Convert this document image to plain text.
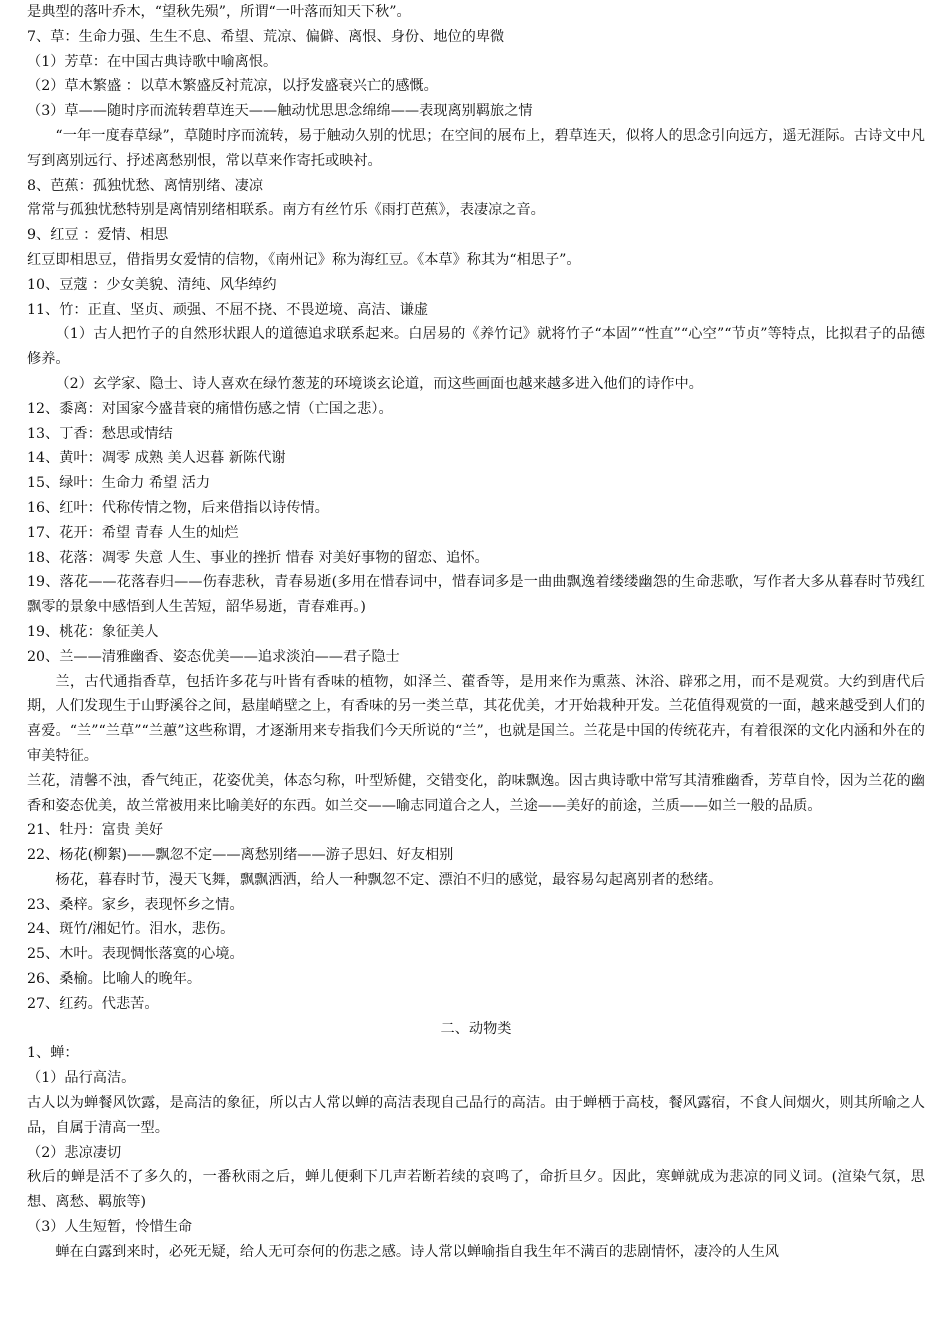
是典型的落叶乔木，“望秋先殒”，所谓“一叶落而知天下秋”。

7、草：生命力强、生生不息、希望、荒凉、偏僻、离恨、身份、地位的卑微

（1）芳草：在中国古典诗歌中喻离恨。

（2）草木繁盛 ：以草木繁盛反衬荒凉，以抒发盛衰兴亡的感慨。

（3）草——随时序而流转碧草连天——触动忧思思念绵绵——表现离别羁旅之情

“一年一度春草绿”，草随时序而流转，易于触动久别的忧思；在空间的展布上，碧草连天，似将人的思念引向远方，遥无涯际。古诗文中凡写到离别远行、抒述离愁别恨，常以草来作寄托或映衬。

8、芭蕉：孤独忧愁、离情别绪、凄凉

常常与孤独忧愁特别是离情别绪相联系。南方有丝竹乐《雨打芭蕉》，表凄凉之音。

9、红豆 ：爱情、相思

红豆即相思豆，借指男女爱情的信物，《南州记》称为海红豆。《本草》称其为“相思子”。

10、豆蔻 ：少女美貌、清纯、风华绰约

11、竹：正直、坚贞、顽强、不屈不挠、不畏逆境、高洁、谦虚

（1）古人把竹子的自然形状跟人的道德追求联系起来。白居易的《养竹记》就将竹子“本固”“性直”“心空”“节贞”等特点，比拟君子的品德修养。

（2）玄学家、隐士、诗人喜欢在绿竹葱茏的环境谈玄论道，而这些画面也越来越多进入他们的诗作中。

12、黍离：对国家今盛昔衰的痛惜伤感之情（亡国之悲）。

13、丁香：愁思或情结

14、黄叶：凋零 成熟 美人迟暮 新陈代谢

15、绿叶：生命力 希望 活力

16、红叶：代称传情之物，后来借指以诗传情。

17、花开：希望 青春 人生的灿烂

18、花落：凋零 失意 人生、事业的挫折 惜春 对美好事物的留恋、追怀。

19、落花——花落春归——伤春悲秋，青春易逝(多用在惜春词中，惜春词多是一曲曲飘逸着缕缕幽怨的生命悲歌，写作者大多从暮春时节残红飘零的景象中感悟到人生苦短，韶华易逝，青春难再。)

19、桃花：象征美人

20、兰——清雅幽香、姿态优美——追求淡泊——君子隐士

兰，古代通指香草，包括许多花与叶皆有香味的植物，如泽兰、藿香等，是用来作为熏蒸、沐浴、辟邪之用，而不是观赏。大约到唐代后期，人们发现生于山野溪谷之间，悬崖峭壁之上，有香味的另一类兰草，其花优美，才开始栽种开发。兰花值得观赏的一面，越来越受到人们的喜爱。“兰”“兰草”“兰蕙”这些称谓，才逐渐用来专指我们今天所说的“兰”，也就是国兰。兰花是中国的传统花卉，有着很深的文化内涵和外在的审美特征。

兰花，清馨不浊，香气纯正，花姿优美，体态匀称，叶型矫健，交错变化，韵味飘逸。因古典诗歌中常写其清雅幽香，芳草自怜，因为兰花的幽香和姿态优美，故兰常被用来比喻美好的东西。如兰交——喻志同道合之人，兰途——美好的前途，兰质——如兰一般的品质。

21、牡丹：富贵 美好

22、杨花(柳絮)——飘忽不定——离愁别绪——游子思妇、好友相别

杨花，暮春时节，漫天飞舞，飘飘洒洒，给人一种飘忽不定、漂泊不归的感觉，最容易勾起离别者的愁绪。

23、桑梓。家乡，表现怀乡之情。

24、斑竹/湘妃竹。泪水，悲伤。

25、木叶。表现惆怅落寞的心境。

26、桑榆。比喻人的晚年。

27、红药。代悲苦。

二、动物类

1、蝉：

（1）品行高洁。

古人以为蝉餐风饮露，是高洁的象征，所以古人常以蝉的高洁表现自己品行的高洁。由于蝉栖于高枝，餐风露宿，不食人间烟火，则其所喻之人品，自属于清高一型。

（2）悲凉凄切

秋后的蝉是活不了多久的，一番秋雨之后，蝉儿便剩下几声若断若续的哀鸣了，命折旦夕。因此，寒蝉就成为悲凉的同义词。(渲染气氛，思想、离愁、羁旅等)

（3）人生短暂，怜惜生命

蝉在白露到来时，必死无疑，给人无可奈何的伤悲之感。诗人常以蝉喻指自我生年不满百的悲剧情怀，凄冷的人生风
